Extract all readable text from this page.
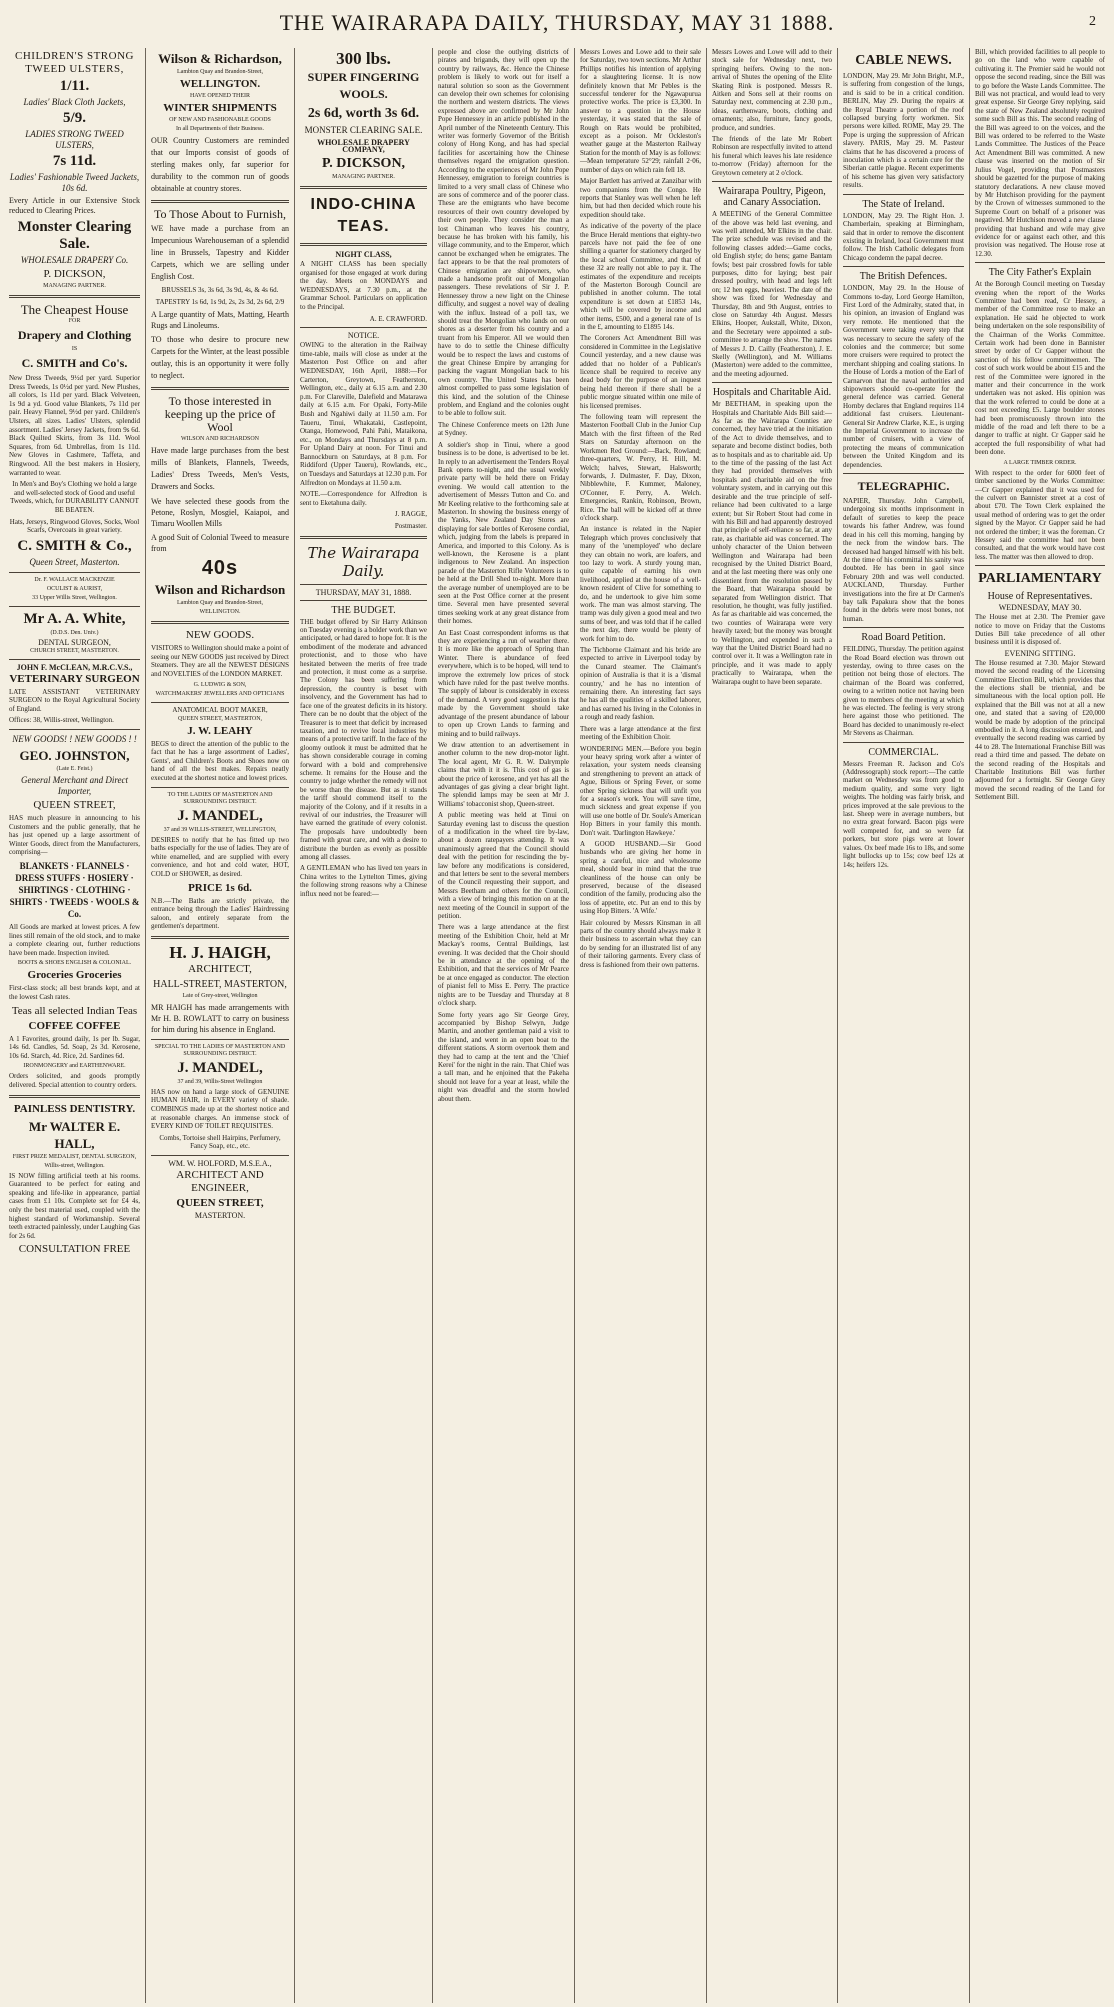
THE WAIRARAPA DAILY, THURSDAY, MAY 31 1888.	2
CHILDREN'S STRONG TWEED ULSTERS,
1/11.
Ladies' Black Cloth Jackets,
5/9.
LADIES STRONG TWEED ULSTERS,
7s 11d.
Ladies' Fashionable Tweed Jackets, 10s 6d.

Every Article in our Extensive Stock reduced to Clearing Prices.

Monster Clearing Sale.
WHOLESALE DRAPERY Co.
P. DICKSON,
MANAGING PARTNER.
The Cheapest House
FOR
Drapery and Clothing
IS
C. SMITH and Co's.

New Dress Tweeds, 9½d per yard. Superior Dress Tweeds, 1s 0½d per yard. New Plushes, all colors, 1s 11d per yard. Black Velveteen, 1s 9d a yd. Good value Blankets, 7s 11d per pair. Heavy Flannel, 9½d per yard. Children's Ulsters, all sizes. Ladies' Ulsters, splendid assortment. Ladies' Jersey Jackets, from 9s 6d. Black Quilted Skirts, from 3s 11d. Wool Squares, from 6d. Umbrellas, from 1s 11d. New Gloves in Cashmere, Taffeta, and Ringwood. All the best makers in Hosiery, warranted to wear.

In Men's and Boy's Clothing we hold a large and well-selected stock of Good and useful Tweeds, which, for DURABILITY CANNOT BE BEATEN.

Hats, Jerseys, Ringwood Gloves, Socks, Wool Scarfs, Overcoats in great variety.

C. SMITH & Co.,
Queen Street, Masterton.
Dr. F. WALLACE MACKENZIE
OCULIST & AURIST,
33 Upper Willis Street, Wellington.
Mr A. A. White,
(D.D.S. Den. Univ.)
DENTAL SURGEON,
CHURCH STREET, MASTERTON.
JOHN F. McCLEAN, M.R.C.V.S.,
VETERINARY SURGEON

LATE ASSISTANT VETERINARY SURGEON to the Royal Agricultural Society of England.

Offices: 38, Willis-street, Wellington.

NEW GOODS! ! NEW GOODS ! !
GEO. JOHNSTON,
(Late E. Feist.)
General Merchant and Direct Importer,
QUEEN STREET,

HAS much pleasure in announcing to his Customers and the public generally, that he has just opened up a large assortment of Winter Goods, direct from the Manufacturers, comprising—

BLANKETS · FLANNELS · DRESS STUFFS · HOSIERY · SHIRTINGS · CLOTHING · SHIRTS · TWEEDS · WOOLS & Co.

All Goods are marked at lowest prices. A few lines still remain of the old stock, and to make a complete clearing out, further reductions have been made. Inspection invited.

BOOTS & SHOES ENGLISH & COLONIAL.
Groceries Groceries

First-class stock; all best brands kept, and at the lowest Cash rates.

Teas all selected Indian Teas
COFFEE COFFEE

A 1 Favorites, ground daily, 1s per lb. Sugar, 14s 6d. Candles, 5d. Soap, 2s 3d. Kerosene, 10s 6d. Starch, 4d. Rice, 2d. Sardines 6d.

IRONMONGERY and EARTHENWARE.

Orders solicited, and goods promptly delivered. Special attention to country orders.

PAINLESS DENTISTRY.
Mr WALTER E. HALL,
FIRST PRIZE MEDALIST, DENTAL SURGEON,
Willis-street, Wellington.

IS NOW filling artificial teeth at his rooms. Guaranteed to be perfect for eating and speaking and life-like in appearance, partial cases from £1 10s. Complete set for £4 4s, only the best material used, coupled with the highest standard of Workmanship. Several teeth extracted painlessly, under Laughing Gas for 2s 6d.

CONSULTATION FREE
Wilson & Richardson,
Lambton Quay and Brandon-Street,
WELLINGTON.
HAVE OPENED THEIR
WINTER SHIPMENTS
OF NEW AND FASHIONABLE GOODS
In all Departments of their Business.

OUR Country Customers are reminded that our Imports consist of goods of sterling makes only, far superior for durability to the common run of goods obtainable at country stores.

To Those About to Furnish,

WE have made a purchase from an Impecunious Warehouseman of a splendid line in Brussels, Tapestry and Kidder Carpets, which we are selling under English Cost.

BRUSSELS 3s, 3s 6d, 3s 9d, 4s, & 4s 6d.

TAPESTRY 1s 6d, 1s 9d, 2s, 2s 3d, 2s 6d, 2/9

A Large quantity of Mats, Matting, Hearth Rugs and Linoleums.

TO those who desire to procure new Carpets for the Winter, at the least possible outlay, this is an opportunity it were folly to neglect.

To those interested in keeping up the price of Wool
WILSON AND RICHARDSON

Have made large purchases from the best mills of Blankets, Flannels, Tweeds, Ladies' Dress Tweeds, Men's Vests, Drawers and Socks.

We have selected these goods from the Petone, Roslyn, Mosgiel, Kaiapoi, and Timaru Woollen Mills

A good Suit of Colonial Tweed to measure from

40s
Wilson and Richardson
Lambton Quay and Brandon-Street,
WELLINGTON.
NEW GOODS.

VISITORS to Wellington should make a point of seeing our NEW GOODS just received by Direct Steamers. They are all the NEWEST DESIGNS and NOVELTIES of the LONDON MARKET.

G. LUDWIG & SON,
WATCHMAKERS' JEWELLERS AND OPTICIANS
ANATOMICAL BOOT MAKER,
QUEEN STREET, MASTERTON,
J. W. LEAHY

BEGS to direct the attention of the public to the fact that he has a large assortment of Ladies', Gents', and Children's Boots and Shoes now on hand of all the best makes. Repairs neatly executed at the shortest notice and lowest prices.

TO THE LADIES OF MASTERTON AND SURROUNDING DISTRICT.
J. MANDEL,
37 and 39 WILLIS-STREET, WELLINGTON,

DESIRES to notify that he has fitted up two baths especially for the use of ladies. They are of white enamelled, and are supplied with every convenience, and hot and cold water, HOT, COLD or SHOWER, as desired.

PRICE 1s 6d.

N.B.—The Baths are strictly private, the entrance being through the Ladies' Hairdressing saloon, and entirely separate from the gentlemen's department.

H. J. HAIGH,
ARCHITECT,
HALL-STREET, MASTERTON,
Late of Grey-street, Wellington

MR HAIGH has made arrangements with Mr H. B. ROWLATT to carry on business for him during his absence in England.

SPECIAL TO THE LADIES OF MASTERTON AND SURROUNDING DISTRICT.
J. MANDEL,
37 and 39, Willis-Street Wellington

HAS now on hand a large stock of GENUINE HUMAN HAIR, in EVERY variety of shade. COMBINGS made up at the shortest notice and at reasonable charges. An immense stock of EVERY KIND OF TOILET REQUISITES.

Combs, Tortoise shell Hairpins, Perfumery, Fancy Soap, etc., etc.

WM. W. HOLFORD, M.S.E.A.,
ARCHITECT AND ENGINEER,
QUEEN STREET,
MASTERTON.
300 lbs.
SUPER FINGERING WOOLS.
2s 6d, worth 3s 6d.
MONSTER CLEARING SALE.
WHOLESALE DRAPERY COMPANY,
P. DICKSON,
MANAGING PARTNER.
INDO-CHINA TEAS.
NIGHT CLASS,

A NIGHT CLASS has been specially organised for those engaged at work during the day. Meets on MONDAYS and WEDNESDAYS, at 7.30 p.m., at the Grammar School. Particulars on application to the Principal.

A. E. CRAWFORD.

NOTICE.

OWING to the alteration in the Railway time-table, mails will close as under at the Masterton Post Office on and after WEDNESDAY, 16th April, 1888:—For Carterton, Greytown, Featherston, Wellington, etc., daily at 6.15 a.m. and 2.30 p.m. For Clareville, Dalefield and Matarawa daily at 6.15 a.m. For Opaki, Forty-Mile Bush and Ngahiwi daily at 11.50 a.m. For Taueru, Tinui, Whakataki, Castlepoint, Otanga, Homewood, Pahi Pahi, Mataikona, etc., on Mondays and Thursdays at 8 p.m. For Upland Dairy at noon. For Tinui and Bannockburn on Saturdays, at 8 p.m. For Riddiford (Upper Taueru), Rowlands, etc., on Tuesdays and Saturdays at 12.30 p.m. For Alfredton on Mondays at 11.50 a.m.

NOTE.—Correspondence for Alfredton is sent to Eketahuna daily.

J. RAGGE,

Postmaster.

The Wairarapa Daily.
THURSDAY, MAY 31, 1888.
THE BUDGET.

THE budget offered by Sir Harry Atkinson on Tuesday evening is a bolder work than we anticipated, or had dared to hope for. It is the embodiment of the moderate and advanced protectionist, and to those who have hesitated between the merits of free trade and protection, it must come as a surprise. The Colony has been suffering from depression, the country is beset with insolvency, and the Government has had to face one of the greatest deficits in its history. There can be no doubt that the object of the Treasurer is to meet that deficit by increased taxation, and to revive local industries by means of a protective tariff. In the face of the gloomy outlook it must be admitted that he has shown considerable courage in coming forward with a bold and comprehensive scheme. It remains for the House and the country to judge whether the remedy will not be worse than the disease. But as it stands the tariff should commend itself to the majority of the Colony, and if it results in a revival of our industries, the Treasurer will have earned the gratitude of every colonist. The proposals have undoubtedly been framed with great care, and with a desire to distribute the burden as evenly as possible among all classes.

A GENTLEMAN who has lived ten years in China writes to the Lyttelton Times, giving the following strong reasons why a Chinese influx need not be feared:—

people and close the outlying districts of pirates and brigands, they will open up the country by railways, &c. Hence the Chinese problem is likely to work out for itself a natural solution so soon as the Government can develop their own schemes for colonising the northern and western districts. The views expressed above are confirmed by Mr John Pope Hennessey in an article published in the April number of the Nineteenth Century. This writer was formerly Governor of the British colony of Hong Kong, and has had special facilities for ascertaining how the Chinese themselves regard the emigration question. According to the experiences of Mr John Pope Hennessey, emigration to foreign countries is limited to a very small class of Chinese who are sons of commerce and of the poorer class. These are the emigrants who have become resources of their own country developed by their own people. They consider the man a lost Chinaman who leaves his country, because he has broken with his family, his village community, and to the Emperor, which cannot be exchanged when he emigrates. The fact appears to be that the real promoters of Chinese emigration are shipowners, who made a handsome profit out of Mongolian passengers. These revelations of Sir J. P. Hennessey throw a new light on the Chinese difficulty, and suggest a novel way of dealing with the influx. Instead of a poll tax, we should treat the Mongolian who lands on our shores as a deserter from his country and a truant from his Emperor. All we would then have to do to settle the Chinese difficulty would be to respect the laws and customs of the great Chinese Empire by arranging for packing the vagrant Mongolian back to his own country. The United States has been almost compelled to pass some legislation of this kind, and the solution of the Chinese problem, and England and the colonies ought to be able to follow suit.

The Chinese Conference meets on 12th June at Sydney.

A soldier's shop in Tinui, where a good business is to be done, is advertised to be let. In reply to an advertisement the Tenders Royal Bank opens to-night, and the usual weekly private party will be held there on Friday evening. We would call attention to the advertisement of Messrs Tutton and Co. and Mr Keeling relative to the forthcoming sale at Masterton. In showing the business energy of the Yanks, New Zealand Day Stores are displaying for sale bottles of Kerosene cordial, which, judging from the labels is prepared in America, and imported to this Colony. As is well-known, the Kerosene is a plant indigenous to New Zealand. An inspection parade of the Masterton Rifle Volunteers is to be held at the Drill Shed to-night. More than the average number of unemployed are to be seen at the Post Office corner at the present time. Several men have presented several times seeking work at any great distance from their homes.

An East Coast correspondent informs us that they are experiencing a run of weather there. It is more like the approach of Spring than Winter. There is abundance of feed everywhere, which is to be hoped, will tend to improve the extremely low prices of stock which have ruled for the past twelve months. The supply of labour is considerably in excess of the demand. A very good suggestion is that made by the Government should take advantage of the present abundance of labour to open up Crown Lands to farming and mining and to build railways.

We draw attention to an advertisement in another column to the new drop-motor light. The local agent, Mr G. R. W. Dalrymple claims that with it it is. This cost of gas is about the price of kerosene, and yet has all the advantages of gas giving a clear bright light. The splendid lamps may be seen at Mr J. Williams' tobacconist shop, Queen-street.

A public meeting was held at Tinui on Saturday evening last to discuss the question of a modification in the wheel tire by-law, about a dozen ratepayers attending. It was unanimously agreed that the Council should deal with the petition for rescinding the by-law before any modifications is considered, and that letters be sent to the several members of the Council requesting their support, and Messrs Beetham and others for the Council, with a view of bringing this motion on at the next meeting of the Council in support of the petition.

There was a large attendance at the first meeting of the Exhibition Choir, held at Mr Mackay's rooms, Central Buildings, last evening. It was decided that the Choir should be in attendance at the opening of the Exhibition, and that the services of Mr Pearce be at once engaged as conductor. The election of pianist fell to Miss E. Perry. The practice nights are to be Tuesday and Thursday at 8 o'clock sharp.

Some forty years ago Sir George Grey, accompanied by Bishop Selwyn, Judge Martin, and another gentleman paid a visit to the island, and went in an open boat to the different stations. A storm overtook them and they had to camp at the tent and the 'Chief Kerei' for the night in the rain. That Chief was a tall man, and he enjoined that the Pakeha should not leave for a year at least, while the night was dreadful and the storm howled about them.

Messrs Lowes and Lowe add to their sale for Saturday, two town sections. Mr Arthur Phillips notifies his intention of applying for a slaughtering license. It is now definitely known that Mr Pebles is the successful tenderer for the Ngawapurua protective works. The price is £3,300. In answer to a question in the House yesterday, it was stated that the sale of Rough on Rats would be prohibited, except as a poison. Mr Ockleston's weather gauge at the Masterton Railway Station for the month of May is as follows:—Mean temperature 52°29; rainfall 2·06, number of days on which rain fell 18.

Major Bartlett has arrived at Zanzibar with two companions from the Congo. He reports that Stanley was well when he left him, but had then decided which route his expedition should take.

As indicative of the poverty of the place the Bruce Herald mentions that eighty-two parcels have not paid the fee of one shilling a quarter for stationery charged by the local school Committee, and that of these 32 are really not able to pay it. The estimates of the expenditure and receipts of the Masterton Borough Council are published in another column. The total expenditure is set down at £1853 14s, which will be covered by income and other items, £500, and a general rate of 1s in the £, amounting to £1895 14s.

The Coroners Act Amendment Bill was considered in Committee in the Legislative Council yesterday, and a new clause was added that no holder of a Publican's licence shall be required to receive any dead body for the purpose of an inquest being held thereon if there shall be a public morgue situated within one mile of his licensed premises.

The following team will represent the Masterton Football Club in the Junior Cup Match with the first fifteen of the Red Stars on Saturday afternoon on the Workmen Red Ground:—Back, Rowland; three-quarters, W. Perry, H. Hill, M. Welch; halves, Stewart, Halsworth; forwards, J. Dulmaster, F. Day, Dixon, Nibblewhite, F. Kummer, Maloney, O'Conner, F. Perry, A. Welch. Emergencies, Rankin, Robinson, Brown, Rice. The ball will be kicked off at three o'clock sharp.

An instance is related in the Napier Telegraph which proves conclusively that many of the 'unemployed' who declare they can obtain no work, are loafers, and too lazy to work. A sturdy young man, quite capable of earning his own livelihood, applied at the house of a well-known resident of Clive for something to do, and he undertook to give him some work. The man was almost starving. The tramp was duly given a good meal and two sums of beer, and was told that if he called the next day, there would be plenty of work for him to do.

The Tichborne Claimant and his bride are expected to arrive in Liverpool today by the Cunard steamer. The Claimant's opinion of Australia is that it is a 'dismal country,' and he has no intention of remaining there. An interesting fact says he has all the qualities of a skilled laborer, and has earned his living in the Colonies in a rough and ready fashion.

There was a large attendance at the first meeting of the Exhibition Choir.

WONDERING MEN.—Before you begin your heavy spring work after a winter of relaxation, your system needs cleansing and strengthening to prevent an attack of Ague, Bilious or Spring Fever, or some other Spring sickness that will unfit you for a season's work. You will save time, much sickness and great expense if you will use one bottle of Dr. Soule's American Hop Bitters in your family this month. Don't wait. 'Darlington Hawkeye.'

A GOOD HUSBAND.—Sir Good husbands who are giving her home in spring a careful, nice and wholesome meal, should bear in mind that the true cleanliness of the house can only be preserved, because of the diseased condition of the family, producing also the loss of appetite, etc. Put an end to this by using Hop Bitters. 'A Wife.'

Hair coloured by Messrs Kinsman in all parts of the country should always make it their business to ascertain what they can do by sending for an illustrated list of any of their tailoring garments. Every class of dress is fashioned from their own patterns.

Messrs Lowes and Lowe will add to their stock sale for Wednesday next, two springing heifers. Owing to the non-arrival of Shutes the opening of the Elite Skating Rink is postponed. Messrs R. Aitken and Sons sell at their rooms on Saturday next, commencing at 2.30 p.m., ideas, earthenware, boots, clothing and ornaments; also, furniture, fancy goods, produce, and sundries.

The friends of the late Mr Robert Robinson are respectfully invited to attend his funeral which leaves his late residence to-morrow (Friday) afternoon for the Greytown cemetery at 2 o'clock.

Wairarapa Poultry, Pigeon, and Canary Association.

A MEETING of the General Committee of the above was held last evening, and was well attended, Mr Elkins in the chair. The prize schedule was revised and the following classes added:—Game cocks, old English style; do hens; game Bantam fowls; best pair crossbred fowls for table purposes, ditto for laying; best pair dressed poultry, with head and legs left on; 12 hen eggs, heaviest. The date of the show was fixed for Wednesday and Thursday, 8th and 9th August, entries to close on Saturday 4th August. Messrs Elkins, Hooper, Aukstall, White, Dixon, and the Secretary were appointed a sub-committee to arrange the show. The names of Messrs J. D. Cailly (Featherston), J. E. Skelly (Wellington), and M. Williams (Masterton) were added to the committee, and the meeting adjourned.

Hospitals and Charitable Aid.

Mr BEETHAM, in speaking upon the Hospitals and Charitable Aids Bill said:—As far as the Wairarapa Counties are concerned, they have tried at the initiation of the Act to divide themselves, and to separate and become distinct bodies, both as to hospitals and as to charitable aid. Up to the time of the passing of the last Act they had provided themselves with hospitals and charitable aid on the free voluntary system, and in carrying out this desirable and the true principle of self-reliance had been cultivated to a large extent; but Sir Robert Stout had come in with his Bill and had apparently destroyed that principle of self-reliance so far, at any rate, as charitable aid was concerned. The unholy character of the Union between Wellington and Wairarapa had been recognised by the United District Board, and at the last meeting there was only one dissentient from the resolution passed by the Board, that Wairarapa should be separated from Wellington district. That resolution, he thought, was fully justified. As far as charitable aid was concerned, the two counties of Wairarapa were very heavily taxed; but the money was brought to Wellington, and expended in such a way that the United District Board had no control over it. It was a Wellington rate in principle, and it was made to apply practically to Wairarapa, when the Wairarapa ought to have been separate.

CABLE NEWS.

LONDON, May 29. Mr John Bright, M.P., is suffering from congestion of the lungs, and is said to be in a critical condition. BERLIN, May 29. During the repairs at the Royal Theatre a portion of the roof collapsed burying forty workmen. Six persons were killed. ROME, May 29. The Pope is urging the suppression of African slavery. PARIS, May 29. M. Pasteur claims that he has discovered a process of inoculation which is a certain cure for the Siberian cattle plague. Recent experiments of his scheme has given very satisfactory results.

The State of Ireland.

LONDON, May 29. The Right Hon. J. Chamberlain, speaking at Birmingham, said that in order to remove the discontent existing in Ireland, local Government must follow. The Irish Catholic delegates from Chicago condemn the papal decree.

The British Defences.

LONDON, May 29. In the House of Commons to-day, Lord George Hamilton, First Lord of the Admiralty, stated that, in his opinion, an invasion of England was very remote. He mentioned that the Government were taking every step that was necessary to secure the safety of the colonies and the commerce; but some more cruisers were required to protect the merchant shipping and coaling stations. In the House of Lords a motion of the Earl of Carnarvon that the naval authorities and shipowners should co-operate for the general defence was carried. General Hornby declares that England requires 114 additional fast cruisers. Lieutenant-General Sir Andrew Clarke, K.E., is urging the Imperial Government to increase the number of cruisers, with a view of protecting the means of communication between the United Kingdom and its dependencies.

TELEGRAPHIC.

NAPIER, Thursday. John Campbell, undergoing six months imprisonment in default of sureties to keep the peace towards his father Andrew, was found dead in his cell this morning, hanging by the neck from the window bars. The deceased had hanged himself with his belt. At the time of his committal his sanity was doubted. He has been in gaol since February 20th and was well conducted. AUCKLAND, Thursday. Further investigations into the fire at Dr Carmen's bay talk Papakura show that the bones found in the debris were most bones, not human.

Road Board Petition.

FEILDING, Thursday. The petition against the Road Board election was thrown out yesterday, owing to three cases on the petition not being those of electors. The chairman of the Board was conferred, owing to a written notice not having been given to members of the meeting at which he was elected. The feeling is very strong here against those who petitioned. The Board has decided to unanimously re-elect Mr Stevens as Chairman.

COMMERCIAL.

Messrs Freeman R. Jackson and Co's (Addressograph) stock report:—The cattle market on Wednesday was from good to medium quality, and some very light weights. The holding was fairly brisk, and prices improved at the sale previous to the last. Sheep were in average numbers, but no extra great forward. Bacon pigs were well competed for, and so were fat porkers, but store pigs were at lower values. Ox beef made 16s to 18s, and some light bullocks up to 15s; cow beef 12s at 14s; heifers 12s.

Bill, which provided facilities to all people to go on the land who were capable of cultivating it. The Premier said he would not oppose the second reading, since the Bill was to go before the Waste Lands Committee. The Bill was not practical, and would lead to very great expense. Sir George Grey replying, said the state of New Zealand absolutely required some such Bill as this. The second reading of the Bill was agreed to on the voices, and the Bill was ordered to be referred to the Waste Lands Committee. The Justices of the Peace Act Amendment Bill was committed. A new clause was inserted on the motion of Sir Julius Vogel, providing that Postmasters should be gazetted for the purpose of making statutory declarations. A new clause moved by Mr Hutchison providing for the payment by the Crown of witnesses summoned to the Supreme Court on behalf of a prisoner was negatived. Mr Hutchison moved a new clause providing that husband and wife may give evidence for or against each other, and this provision was negatived. The House rose at 12.30.

The City Father's Explain

At the Borough Council meeting on Tuesday evening when the report of the Works Committee had been read, Cr Hessey, a member of the Committee rose to make an explanation. He said he objected to work being undertaken on the sole responsibility of the Chairman of the Works Committee. Certain work had been done in Bannister street by order of Cr Gapper without the sanction of his fellow committeemen. The cost of such work would be about £15 and the rest of the Committee were ignored in the matter and their concurrence in the work undertaken was not asked. His opinion was that the work referred to could be done at a cost not exceeding £5. Large boulder stones had been promiscuously thrown into the middle of the road and left there to be a danger to traffic at night. Cr Gapper said he accepted the full responsibility of what had been done.

A LARGE TIMBER ORDER.

With respect to the order for 6000 feet of timber sanctioned by the Works Committee:—Cr Gapper explained that it was used for the culvert on Bannister street at a cost of about £70. The Town Clerk explained the usual method of ordering was to get the order signed by the Mayor. Cr Gapper said he had not ordered the timber; it was the foreman. Cr Hessey said the committee had not been consulted, and that the work would have cost less. The matter was then allowed to drop.

PARLIAMENTARY
House of Representatives.
WEDNESDAY, MAY 30.

The House met at 2.30. The Premier gave notice to move on Friday that the Customs Duties Bill take precedence of all other business until it is disposed of.

EVENING SITTING.

The House resumed at 7.30. Major Steward moved the second reading of the Licensing Committee Election Bill, which provides that the elections shall be triennial, and be simultaneous with the local option poll. He explained that the Bill was not at all a new one, and stated that a saving of £20,000 would be made by adoption of the principal embodied in it. A long discussion ensued, and eventually the second reading was carried by 44 to 28. The International Franchise Bill was read a third time and passed. The debate on the second reading of the Hospitals and Charitable Institutions Bill was further adjourned for a fortnight. Sir George Grey moved the second reading of the Land for Settlement Bill.
